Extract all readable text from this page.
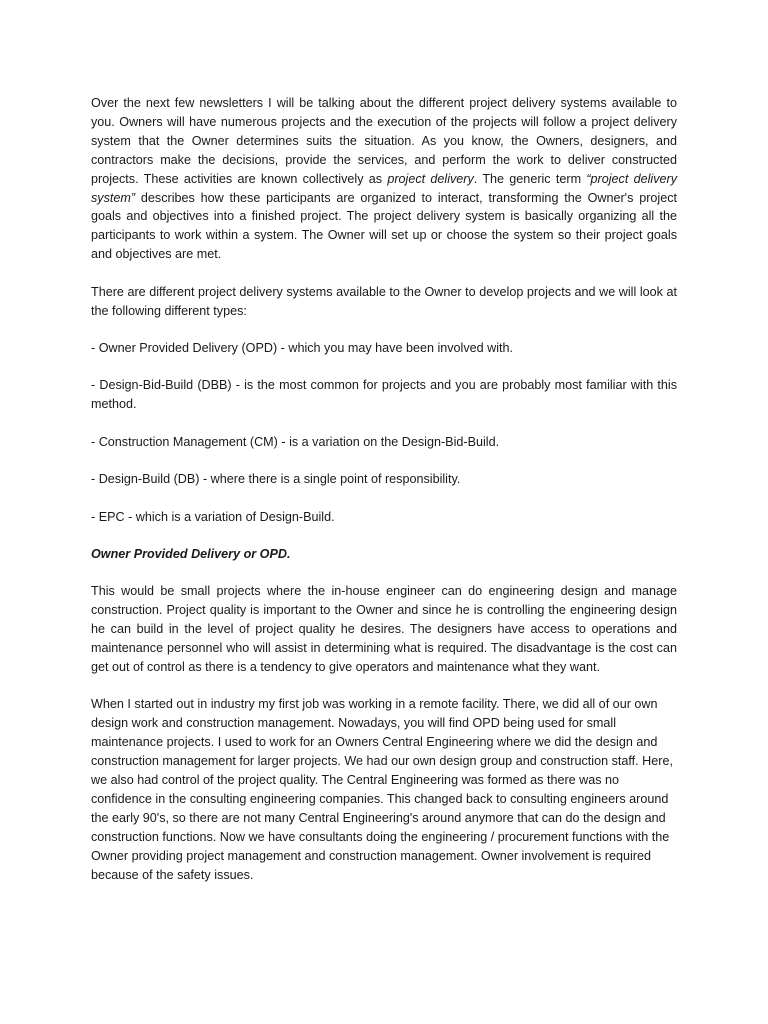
Over the next few newsletters I will be talking about the different project delivery systems available to you. Owners will have numerous projects and the execution of the projects will follow a project delivery system that the Owner determines suits the situation. As you know, the Owners, designers, and contractors make the decisions, provide the services, and perform the work to deliver constructed projects. These activities are known collectively as project delivery. The generic term “project delivery system” describes how these participants are organized to interact, transforming the Owner's project goals and objectives into a finished project. The project delivery system is basically organizing all the participants to work within a system. The Owner will set up or choose the system so their project goals and objectives are met.

There are different project delivery systems available to the Owner to develop projects and we will look at the following different types:

- Owner Provided Delivery (OPD) - which you may have been involved with.

- Design-Bid-Build (DBB) - is the most common for projects and you are probably most familiar with this method.

- Construction Management (CM) - is a variation on the Design-Bid-Build.

- Design-Build (DB) - where there is a single point of responsibility.

- EPC - which is a variation of Design-Build.

Owner Provided Delivery or OPD.

This would be small projects where the in-house engineer can do engineering design and manage construction. Project quality is important to the Owner and since he is controlling the engineering design he can build in the level of project quality he desires. The designers have access to operations and maintenance personnel who will assist in determining what is required. The disadvantage is the cost can get out of control as there is a tendency to give operators and maintenance what they want.

When I started out in industry my first job was working in a remote facility. There, we did all of our own design work and construction management. Nowadays, you will find OPD being used for small maintenance projects. I used to work for an Owners Central Engineering where we did the design and construction management for larger projects. We had our own design group and construction staff. Here, we also had control of the project quality. The Central Engineering was formed as there was no confidence in the consulting engineering companies. This changed back to consulting engineers around the early 90's, so there are not many Central Engineering's around anymore that can do the design and construction functions. Now we have consultants doing the engineering / procurement functions with the Owner providing project management and construction management. Owner involvement is required because of the safety issues.
